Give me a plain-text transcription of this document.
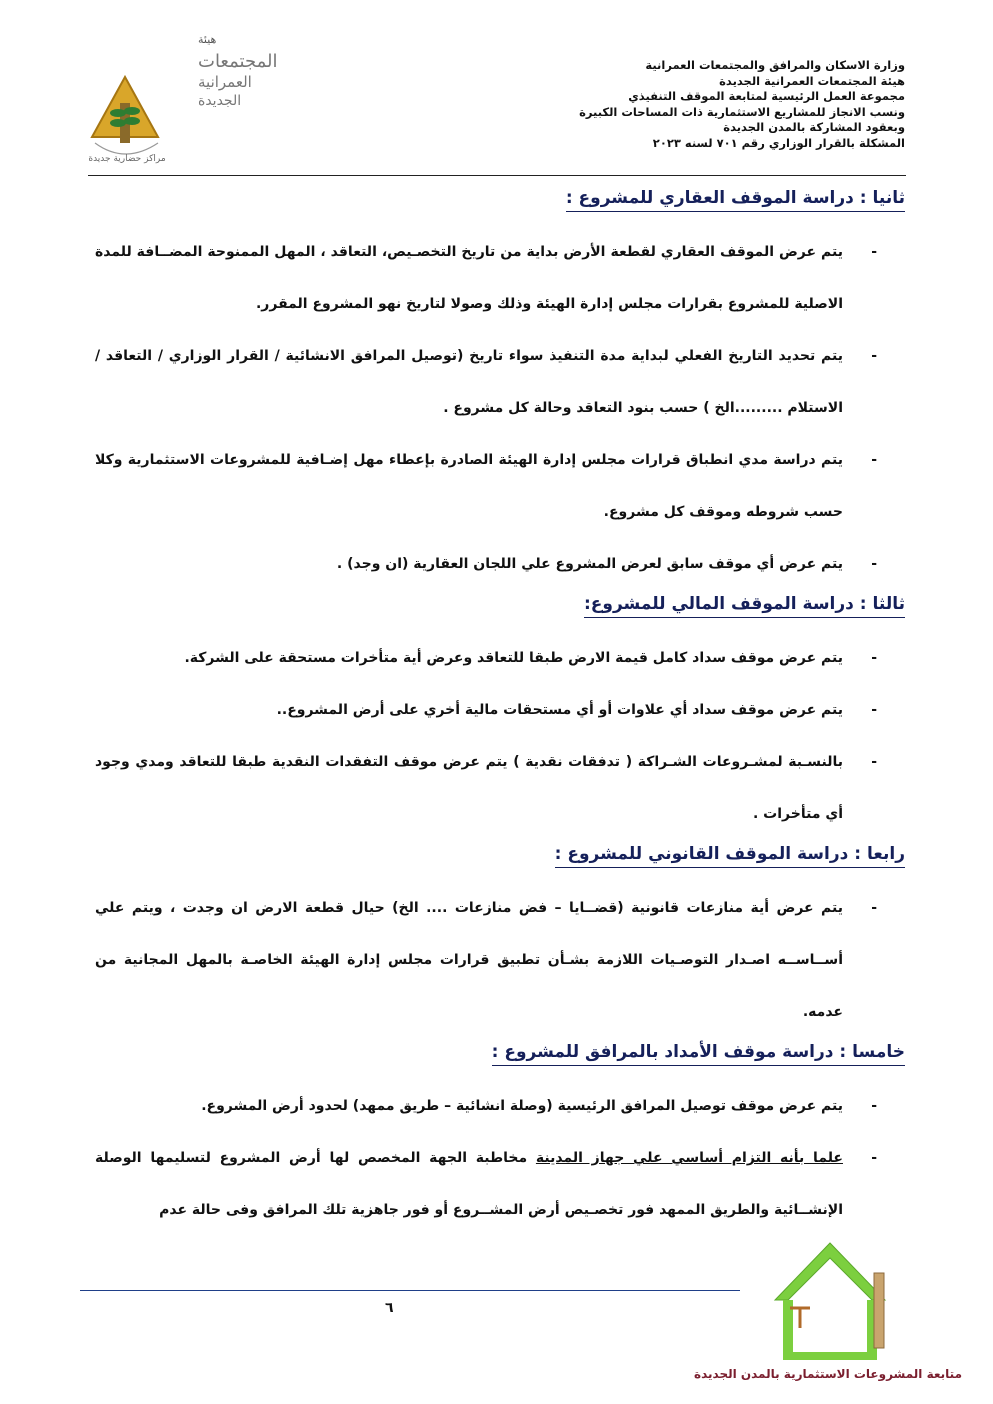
وزارة الاسكان والمرافق والمجتمعات العمرانية
هيئة المجتمعات العمرانية الجديدة
مجموعة العمل الرئيسية لمتابعة الموقف التنفيذي
ونسب الانجاز للمشاريع الاستثمارية ذات المساحات الكبيرة
وبعقود المشاركة بالمدن الجديدة
المشكلة بالقرار الوزاري رقم ٧٠١ لسنه ٢٠٢٣
هيئة
المجتمعات
العمرانية
الجديدة
مراكز حضارية جديدة
ثانيا : دراسة الموقف العقاري للمشروع :
-
يتم عرض الموقف العقاري لقطعة الأرض بداية من تاريخ التخصـيص، التعاقد ، المهل الممنوحة المضــافة للمدة الاصلية للمشروع بقرارات مجلس إدارة الهيئة وذلك وصولا لتاريخ نهو المشروع المقرر.
-
يتم تحديد التاريخ الفعلي لبداية مدة التنفيذ سواء تاريخ (توصيل المرافق الانشائية / القرار الوزاري / التعاقد / الاستلام .........الخ ) حسب بنود التعاقد وحالة كل مشروع .
-
يتم دراسة مدي انطباق قرارات مجلس إدارة الهيئة الصادرة بإعطاء مهل إضـافية للمشروعات الاستثمارية وكلا حسب شروطه وموقف كل مشروع.
-
يتم عرض أي موقف سابق لعرض المشروع علي اللجان العقارية (ان وجد) .
ثالثا : دراسة الموقف المالي للمشروع:
-
يتم عرض موقف سداد كامل قيمة الارض طبقا للتعاقد وعرض أية متأخرات مستحقة على الشركة.
-
يتم عرض موقف سداد أي علاوات أو أي مستحقات مالية أخري على أرض المشروع..
-
بالنسـبة لمشـروعات الشـراكة ( تدفقات نقدية ) يتم عرض موقف التفقدات النقدية طبقا للتعاقد ومدي وجود أي متأخرات .
رابعا : دراسة الموقف القانوني للمشروع :
-
يتم عرض أية منازعات قانونية (قضــايا – فض منازعات .... الخ) حيال قطعة الارض ان وجدت ، ويتم علي أســاســه اصـدار التوصـيات اللازمة بشـأن تطبيق قرارات مجلس إدارة الهيئة الخاصـة بالمهل المجانية من عدمه.
خامسا : دراسة موقف الأمداد بالمرافق للمشروع :
-
يتم عرض موقف توصيل المرافق الرئيسية (وصلة انشائية – طريق ممهد) لحدود أرض المشروع.
-
علما بأنه التزام أساسي علي جهاز المدينة مخاطبة الجهة المخصص لها أرض المشروع لتسليمها الوصلة الإنشــائية والطريق الممهد فور تخصـيص أرض المشــروع أو فور جاهزية تلك المرافق وفى حالة عدم
٦
متابعة المشروعات الاستثمارية بالمدن الجديدة
